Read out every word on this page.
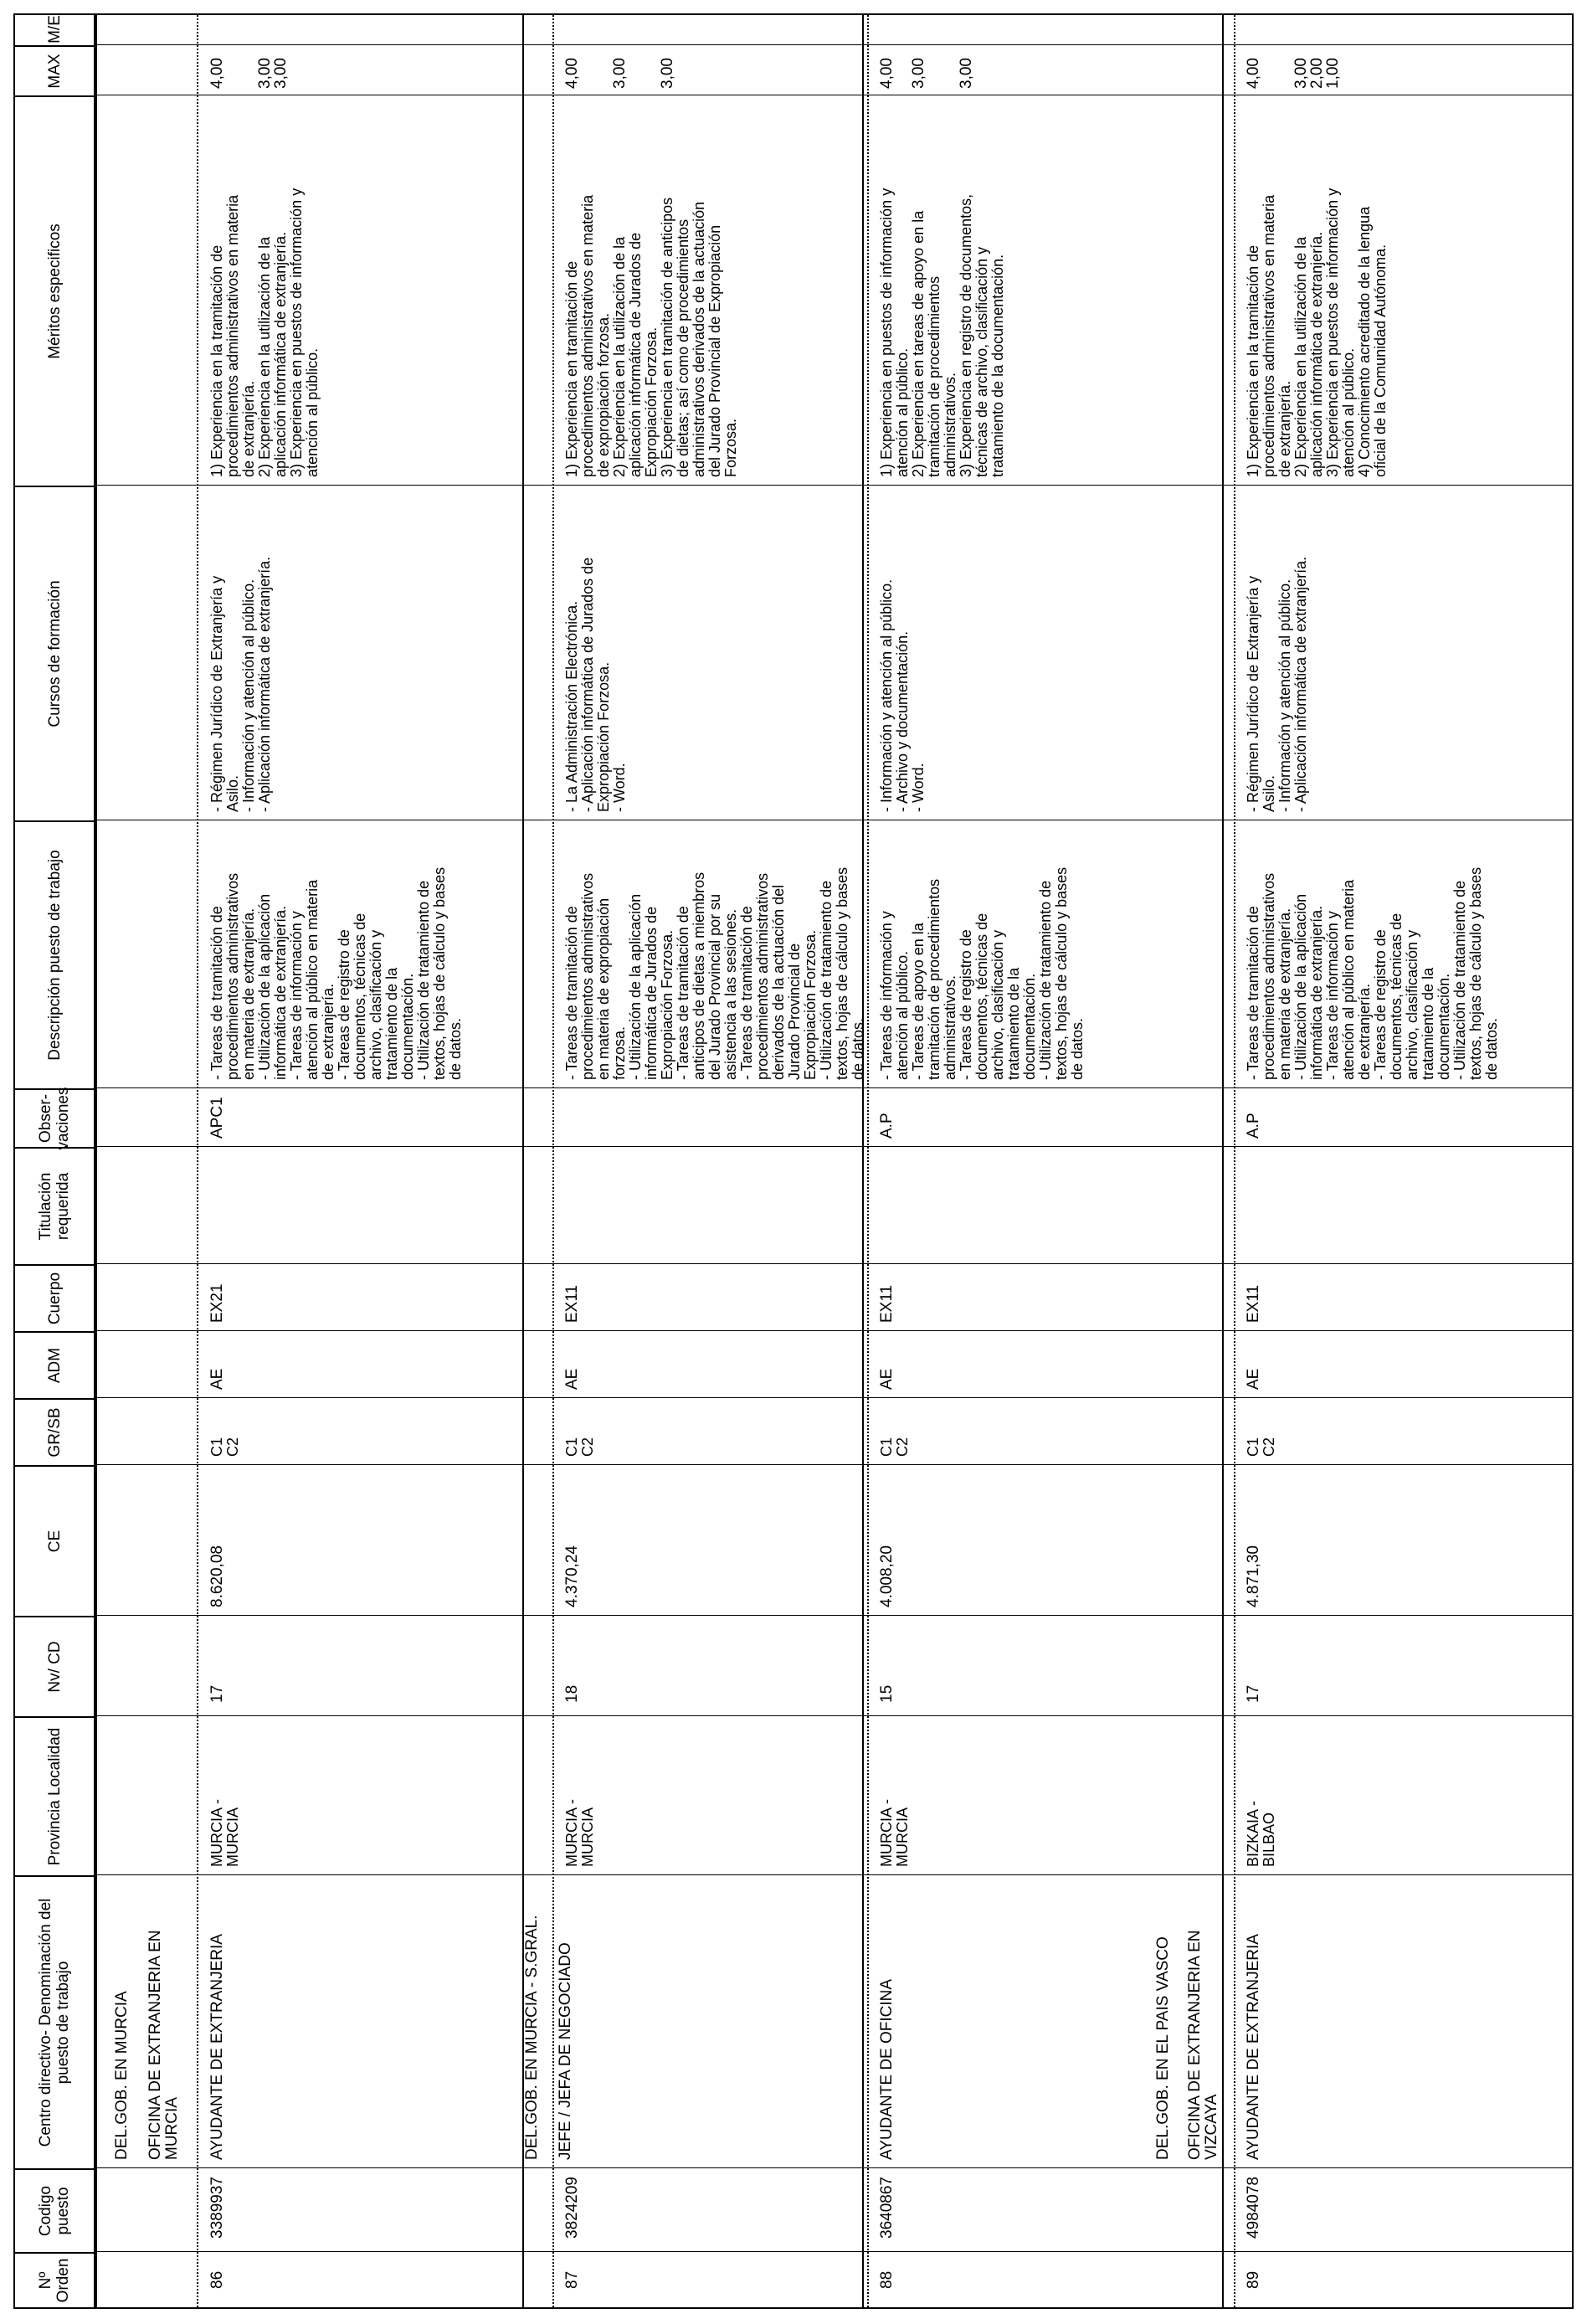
Nº Orden
Codigo puesto
Centro directivo- Denominación del puesto de trabajo
Provincia Localidad
Nv/ CD
CE
GR/SB
ADM
Cuerpo
Titulación requerida
Obser- vaciones
Descripción puesto de trabajo
Cursos de formación
Méritos especificos
MAX
M/E
DEL.GOB. EN MURCIA OFICINA DE EXTRANJERIA EN MURCIA
86
3389937
AYUDANTE DE EXTRANJERIA
MURCIA -
MURCIA
17
8.620,08
C1
C2
AE
EX21
APC1
- Tareas de tramitación de
procedimientos administrativos
en materia de extranjería.
- Utilización de la aplicación
informática de extranjería.
- Tareas de información y
atención al público en materia
de extranjería.
- Tareas de registro de
documentos, técnicas de
archivo, clasificación y
tratamiento de la
documentación.
- Utilización de tratamiento de
textos, hojas de cálculo y bases
de datos.
- Régimen Jurídico de Extranjería y
Asilo.
- Información y atención al público.
- Aplicación informática de extranjería.
1) Experiencia en la tramitación de
procedimientos administrativos en materia
de extranjería.
2) Experiencia en la utilización de la
aplicación informática de extranjería.
3) Experiencia en puestos de información y
atención al público.
4,00 3,00
3,00
DEL.GOB. EN MURCIA - S.GRAL.
87
3824209
JEFE / JEFA DE NEGOCIADO
MURCIA -
MURCIA
18
4.370,24
C1
C2
AE
EX11
- Tareas de tramitación de
procedimientos administrativos
en materia de expropiación
forzosa.
- Utilización de la aplicación
informática de Jurados de
Expropiación Forzosa.
- Tareas de tramitación de
anticipos de dietas a miembros
del Jurado Provincial por su
asistencia a las sesiones.
- Tareas de tramitación de
procedimientos administrativos
derivados de la actuación del
Jurado Provincial de
Expropiación Forzosa.
- Utilización de tratamiento de
textos, hojas de cálculo y bases
de datos.
- La Administración Electrónica.
- Aplicación informática de Jurados de
Expropiación Forzosa.
- Word.
1) Experiencia en tramitación de
procedimientos administrativos en materia
de expropiación forzosa.
2) Experiencia en la utilización de la
aplicación informática de Jurados de
Expropiación Forzosa.
3) Experiencia en tramitación de anticipos
de dietas; así como de procedimientos
administrativos derivados de la actuación
del Jurado Provincial de Expropiación
Forzosa.
4,00 3,00 3,00
88
3640867
AYUDANTE DE OFICINA
MURCIA -
MURCIA
15
4.008,20
C1
C2
AE
EX11
A.P
- Tareas de información y
atención al público.
- Tareas de apoyo en la
tramitación de procedimientos
administrativos.
- Tareas de registro de
documentos, técnicas de
archivo, clasificación y
tratamiento de la
documentación.
- Utilización de tratamiento de
textos, hojas de cálculo y bases
de datos.
- Información y atención al público.
- Archivo y documentación.
- Word.
1) Experiencia en puestos de información y
atención al público.
2) Experiencia en tareas de apoyo en la
tramitación de procedimientos
administrativos.
3) Experiencia en registro de documentos,
técnicas de archivo, clasificación y
tratamiento de la documentación.
4,00 3,00 3,00
DEL.GOB. EN EL PAIS VASCO OFICINA DE EXTRANJERIA EN VIZCAYA
89
4984078
AYUDANTE DE EXTRANJERIA
BIZKAIA -
BILBAO
17
4.871,30
C1
C2
AE
EX11
A.P
- Tareas de tramitación de
procedimientos administrativos
en materia de extranjería.
- Utilización de la aplicación
informática de extranjería.
- Tareas de información y
atención al público en materia
de extranjería.
- Tareas de registro de
documentos, técnicas de
archivo, clasificación y
tratamiento de la
documentación.
- Utilización de tratamiento de
textos, hojas de cálculo y bases
de datos.
- Régimen Jurídico de Extranjería y
Asilo.
- Información y atención al público.
- Aplicación informática de extranjería.
1) Experiencia en la tramitación de
procedimientos administrativos en materia
de extranjería.
2) Experiencia en la utilización de la
aplicación informática de extranjería.
3) Experiencia en puestos de información y
atención al público.
4) Conocimiento acreditado de la lengua
oficial de la Comunidad Autónoma.
4,00 3,00
2,00
1,00
